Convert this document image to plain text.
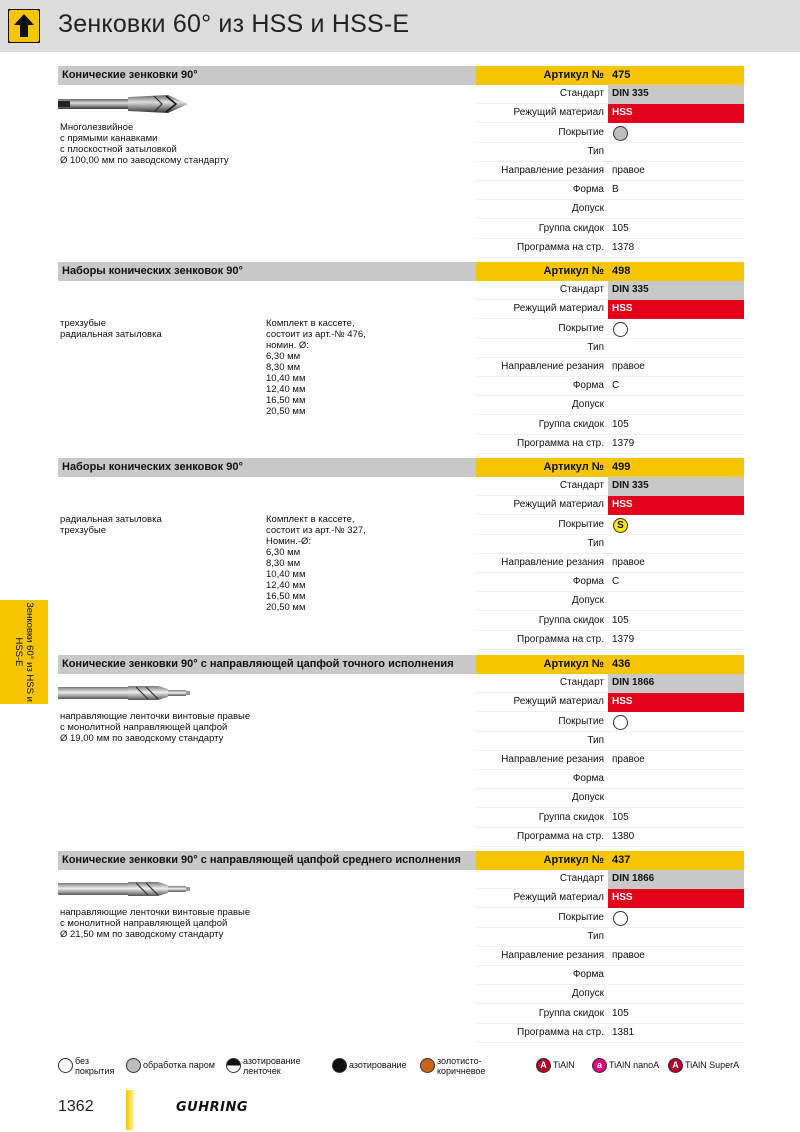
Зенковки 60° из HSS и HSS-E
Зенковки 60° из HSS и HSS-E
Конические зенковки 90°	Артикул № 475
Стандарт DIN 335
Режущий материал HSS
Покрытие
Тип
Направление резания правое
Форма B
Допуск
Группа скидок 105
Программа на стр. 1378
Многолезвийное
с прямыми канавками
с плоскостной затыловкой
Ø 100,00 мм по заводскому стандарту
Наборы конических зенковок 90°	Артикул № 498
Стандарт DIN 335
Режущий материал HSS
Покрытие
Тип
Направление резания правое
Форма C
Допуск
Группа скидок 105
Программа на стр. 1379
трехзубые
радиальная затыловка
Комплект в кассете,
состоит из арт.-№ 476,
номин. Ø:
6,30 мм
8,30 мм
10,40 мм
12,40 мм
16,50 мм
20,50 мм
Наборы конических зенковок 90°	Артикул № 499
Стандарт DIN 335
Режущий материал HSS
Покрытие	S
Тип
Направление резания правое
Форма C
Допуск
Группа скидок 105
Программа на стр. 1379
радиальная затыловка
трехзубые
Комплект в кассете,
состоит из арт.-№ 327,
Номин.-Ø:
6,30 мм
8,30 мм
10,40 мм
12,40 мм
16,50 мм
20,50 мм
Конические зенковки 90° с направляющей цапфой точного исполнения	Артикул № 436
Стандарт DIN 1866
Режущий материал HSS
Покрытие
Тип
Направление резания правое
Форма
Допуск
Группа скидок 105
Программа на стр. 1380
направляющие ленточки винтовые правые
с монолитной направляющей цапфой
Ø 19,00 мм по заводскому стандарту
Конические зенковки 90° с направляющей цапфой среднего исполнения	Артикул № 437
Стандарт DIN 1866
Режущий материал HSS
Покрытие
Тип
Направление резания правое
Форма
Допуск
Группа скидок 105
Программа на стр. 1381
направляющие ленточки винтовые правые
с монолитной направляющей цапфой
Ø 21,50 мм по заводскому стандарту
без
покрытия
обработка паром	азотирование
ленточек
азотирование	золотисто-
коричневое
A TiAlN	a TiAlN nanoA	A TiAlN SuperA
1362	GUHRING
